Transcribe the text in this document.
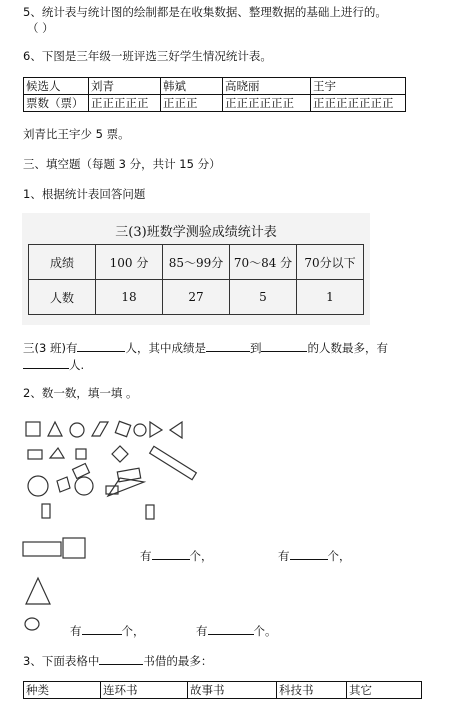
5、统计表与统计图的绘制都是在收集数据、整理数据的基础上进行的。
（ ）
6、下图是三年级一班评选三好学生情况统计表。
候选人	刘青	韩斌	高晓丽	王宇
票数（票）	正正正正正	正正正	正正正正正正	正正正正正正正
刘青比王宇少 5 票。
三、填空题（每题 3 分，共计 15 分）
1、根据统计表回答问题
三(3)班数学测验成绩统计表
成绩	100 分	85～99分	70～84 分	70分以下
人数	18	27	5	1
三(3 班)有	人，其中成绩是	到	的人数最多，有
人.
2、数一数，填一填 。
有	个，	有	个，
有	个，	有	个。
3、下面表格中	书借的最多：
种类	连环书	故事书	科技书	其它
